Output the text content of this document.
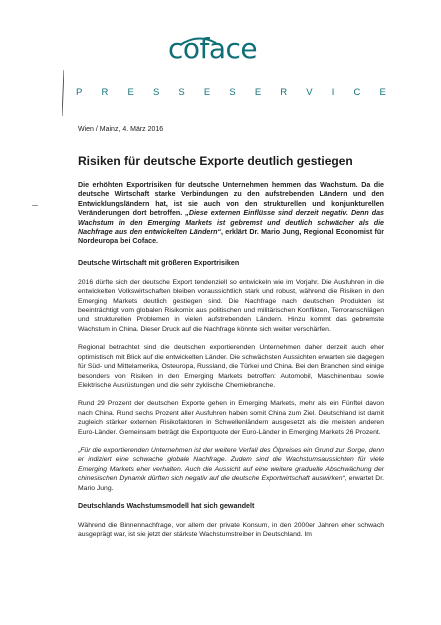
coface
P R E S S E S E R V I C E
Wien / Mainz, 4. März 2016
Risiken für deutsche Exporte deutlich gestiegen
Die erhöhten Exportrisiken für deutsche Unternehmen hemmen das Wachstum. Da die deutsche Wirtschaft starke Verbindungen zu den aufstrebenden Ländern und den Entwicklungsländern hat, ist sie auch von den strukturellen und konjunkturellen Veränderungen dort betroffen. „Diese externen Einflüsse sind derzeit negativ. Denn das Wachstum in den Emerging Markets ist gebremst und deutlich schwächer als die Nachfrage aus den entwickelten Ländern“, erklärt Dr. Mario Jung, Regional Economist für Nordeuropa bei Coface.
Deutsche Wirtschaft mit größeren Exportrisiken

2016 dürfte sich der deutsche Export tendenziell so entwickeln wie im Vorjahr. Die Ausfuhren in die entwickelten Volkswirtschaften bleiben voraussichtlich stark und robust, während die Risiken in den Emerging Markets deutlich gestiegen sind. Die Nachfrage nach deutschen Produkten ist beeinträchtigt vom globalen Risikomix aus politischen und militärischen Konflikten, Terroranschlägen und strukturellen Problemen in vielen aufstrebenden Ländern. Hinzu kommt das gebremste Wachstum in China. Dieser Druck auf die Nachfrage könnte sich weiter verschärfen.

Regional betrachtet sind die deutschen exportierenden Unternehmen daher derzeit auch eher optimistisch mit Blick auf die entwickelten Länder. Die schwächsten Aussichten erwarten sie dagegen für Süd- und Mittelamerika, Osteuropa, Russland, die Türkei und China. Bei den Branchen sind einige besonders von Risiken in den Emerging Markets betroffen: Automobil, Maschinenbau sowie Elektrische Ausrüstungen und die sehr zyklische Chemiebranche.

Rund 29 Prozent der deutschen Exporte gehen in Emerging Markets, mehr als ein Fünftel davon nach China. Rund sechs Prozent aller Ausfuhren haben somit China zum Ziel. Deutschland ist damit zugleich stärker externen Risikofaktoren in Schwellenländern ausgesetzt als die meisten anderen Euro-Länder. Gemeinsam beträgt die Exportquote der Euro-Länder in Emerging Markets 26 Prozent.

„Für die exportierenden Unternehmen ist der weitere Verfall des Ölpreises ein Grund zur Sorge, denn er indiziert eine schwache globale Nachfrage. Zudem sind die Wachstumsaussichten für viele Emerging Markets eher verhalten. Auch die Aussicht auf eine weitere graduelle Abschwächung der chinesischen Dynamik dürften sich negativ auf die deutsche Exportwirtschaft auswirken“, erwartet Dr. Mario Jung.

Deutschlands Wachstumsmodell hat sich gewandelt

Während die Binnennachfrage, vor allem der private Konsum, in den 2000er Jahren eher schwach ausgeprägt war, ist sie jetzt der stärkste Wachstumstreiber in Deutschland. Im
